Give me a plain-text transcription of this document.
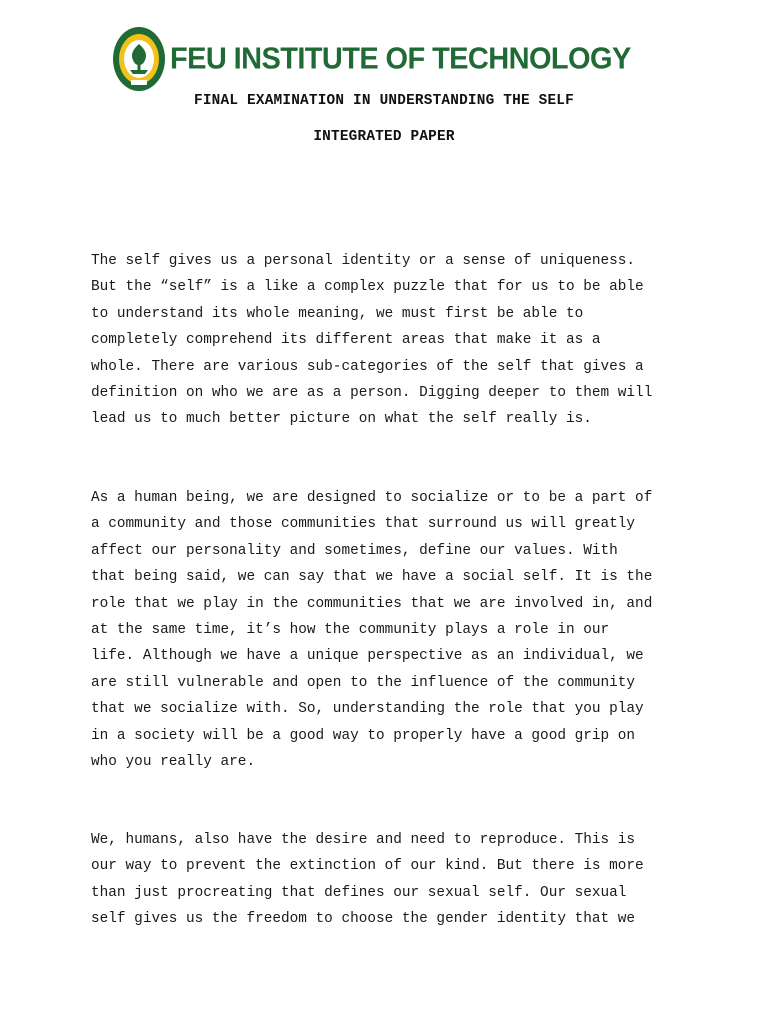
FEU INSTITUTE OF TECHNOLOGY
FINAL EXAMINATION IN UNDERSTANDING THE SELF
INTEGRATED PAPER
The self gives us a personal identity or a sense of uniqueness.
But the “self” is a like a complex puzzle that for us to be able
to understand its whole meaning, we must first be able to
completely comprehend its different areas that make it as a
whole. There are various sub-categories of the self that gives a
definition on who we are as a person. Digging deeper to them will
lead us to much better picture on what the self really is.
As a human being, we are designed to socialize or to be a part of
a community and those communities that surround us will greatly
affect our personality and sometimes, define our values. With
that being said, we can say that we have a social self. It is the
role that we play in the communities that we are involved in, and
at the same time, it’s how the community plays a role in our
life. Although we have a unique perspective as an individual, we
are still vulnerable and open to the influence of the community
that we socialize with. So, understanding the role that you play
in a society will be a good way to properly have a good grip on
who you really are.
We, humans, also have the desire and need to reproduce. This is
our way to prevent the extinction of our kind. But there is more
than just procreating that defines our sexual self. Our sexual
self gives us the freedom to choose the gender identity that we
